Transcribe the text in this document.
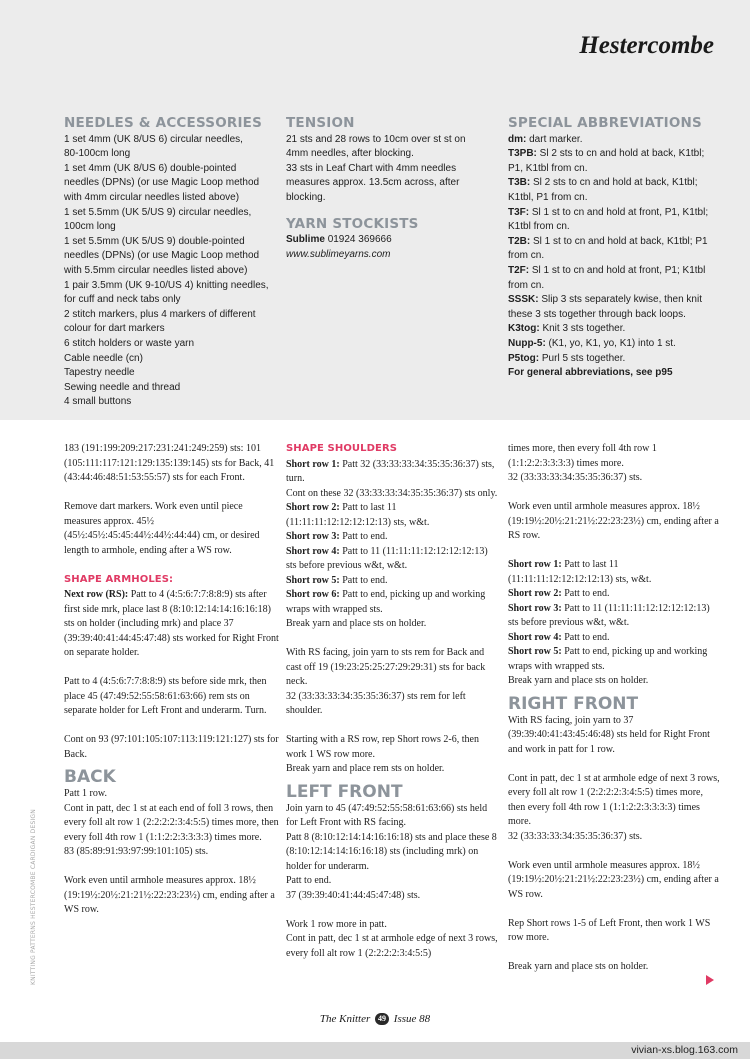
Hestercombe
NEEDLES & ACCESSORIES
1 set 4mm (UK 8/US 6) circular needles,
80-100cm long
1 set 4mm (UK 8/US 6) double-pointed
needles (DPNs) (or use Magic Loop method
with 4mm circular needles listed above)
1 set 5.5mm (UK 5/US 9) circular needles,
100cm long
1 set 5.5mm (UK 5/US 9) double-pointed
needles (DPNs) (or use Magic Loop method
with 5.5mm circular needles listed above)
1 pair 3.5mm (UK 9-10/US 4) knitting needles,
for cuff and neck tabs only
2 stitch markers, plus 4 markers of different
colour for dart markers
6 stitch holders or waste yarn
Cable needle (cn)
Tapestry needle
Sewing needle and thread
4 small buttons
TENSION
21 sts and 28 rows to 10cm over st st on
4mm needles, after blocking.
33 sts in Leaf Chart with 4mm needles
measures approx. 13.5cm across, after
blocking.
YARN STOCKISTS
Sublime 01924 369666
www.sublimeyarns.com
SPECIAL ABBREVIATIONS
dm: dart marker.
T3PB: Sl 2 sts to cn and hold at back, K1tbl; P1, K1tbl from cn.
T3B: Sl 2 sts to cn and hold at back, K1tbl; K1tbl, P1 from cn.
T3F: Sl 1 st to cn and hold at front, P1, K1tbl; K1tbl from cn.
T2B: Sl 1 st to cn and hold at back, K1tbl; P1 from cn.
T2F: Sl 1 st to cn and hold at front, P1; K1tbl from cn.
SSSK: Slip 3 sts separately kwise, then knit these 3 sts together through back loops.
K3tog: Knit 3 sts together.
Nupp-5: (K1, yo, K1, yo, K1) into 1 st.
P5tog: Purl 5 sts together.
For general abbreviations, see p95

183 (191:199:209:217:231:241:249:259) sts: 101 (105:111:117:121:129:135:139:145) sts for Back, 41 (43:44:46:48:51:53:55:57) sts for each Front.

Remove dart markers. Work even until piece measures approx. 45½ (45½:45½:45:45:44½:44½:44:44) cm, or desired length to armhole, ending after a WS row.

SHAPE ARMHOLES:

Next row (RS): Patt to 4 (4:5:6:7:7:8:8:9) sts after first side mrk, place last 8 (8:10:12:14:14:16:16:18) sts on holder (including mrk) and place 37 (39:39:40:41:44:45:47:48) sts worked for Right Front on separate holder.

Patt to 4 (4:5:6:7:7:8:8:9) sts before side mrk, then place 45 (47:49:52:55:58:61:63:66) rem sts on separate holder for Left Front and underarm. Turn.

Cont on 93 (97:101:105:107:113:119:121:127) sts for Back.

BACK

Patt 1 row.

Cont in patt, dec 1 st at each end of foll 3 rows, then every foll alt row 1 (2:2:2:2:3:4:5:5) times more, then every foll 4th row 1 (1:1:2:2:3:3:3:3) times more.

83 (85:89:91:93:97:99:101:105) sts.

Work even until armhole measures approx. 18½ (19:19½:20½:21:21½:22:23:23½) cm, ending after a WS row.

SHAPE SHOULDERS

Short row 1: Patt 32 (33:33:33:34:35:35:36:37) sts, turn.

Cont on these 32 (33:33:33:34:35:35:36:37) sts only.

Short row 2: Patt to last 11 (11:11:11:12:12:12:12:13) sts, w&t.

Short row 3: Patt to end.

Short row 4: Patt to 11 (11:11:11:12:12:12:12:13) sts before previous w&t, w&t.

Short row 5: Patt to end.

Short row 6: Patt to end, picking up and working wraps with wrapped sts.

Break yarn and place sts on holder.

With RS facing, join yarn to sts rem for Back and cast off 19 (19:23:25:25:27:29:29:31) sts for back neck.

32 (33:33:33:34:35:35:36:37) sts rem for left shoulder.

Starting with a RS row, rep Short rows 2-6, then work 1 WS row more.

Break yarn and place rem sts on holder.

LEFT FRONT

Join yarn to 45 (47:49:52:55:58:61:63:66) sts held for Left Front with RS facing.

Patt 8 (8:10:12:14:14:16:16:18) sts and place these 8 (8:10:12:14:14:16:16:18) sts (including mrk) on holder for underarm.

Patt to end.

37 (39:39:40:41:44:45:47:48) sts.

Work 1 row more in patt.

Cont in patt, dec 1 st at armhole edge of next 3 rows, every foll alt row 1 (2:2:2:2:3:4:5:5)

times more, then every foll 4th row 1 (1:1:2:2:3:3:3:3) times more.

32 (33:33:33:34:35:35:36:37) sts.

Work even until armhole measures approx. 18½ (19:19½:20½:21:21½:22:23:23½) cm, ending after a RS row.

Short row 1: Patt to last 11 (11:11:11:12:12:12:12:13) sts, w&t.

Short row 2: Patt to end.

Short row 3: Patt to 11 (11:11:11:12:12:12:12:13) sts before previous w&t, w&t.

Short row 4: Patt to end.

Short row 5: Patt to end, picking up and working wraps with wrapped sts.

Break yarn and place sts on holder.

RIGHT FRONT

With RS facing, join yarn to 37 (39:39:40:41:43:45:46:48) sts held for Right Front and work in patt for 1 row.

Cont in patt, dec 1 st at armhole edge of next 3 rows, every foll alt row 1 (2:2:2:2:3:4:5:5) times more, then every foll 4th row 1 (1:1:2:2:3:3:3:3) times more.

32 (33:33:33:34:35:35:36:37) sts.

Work even until armhole measures approx. 18½ (19:19½:20½:21:21½:22:23:23½) cm, ending after a WS row.

Rep Short rows 1-5 of Left Front, then work 1 WS row more.

Break yarn and place sts on holder.

KNITTING PATTERNS HESTERCOMBE CARDIGAN DESIGN
The Knitter 49 Issue 88
vivian-xs.blog.163.com
